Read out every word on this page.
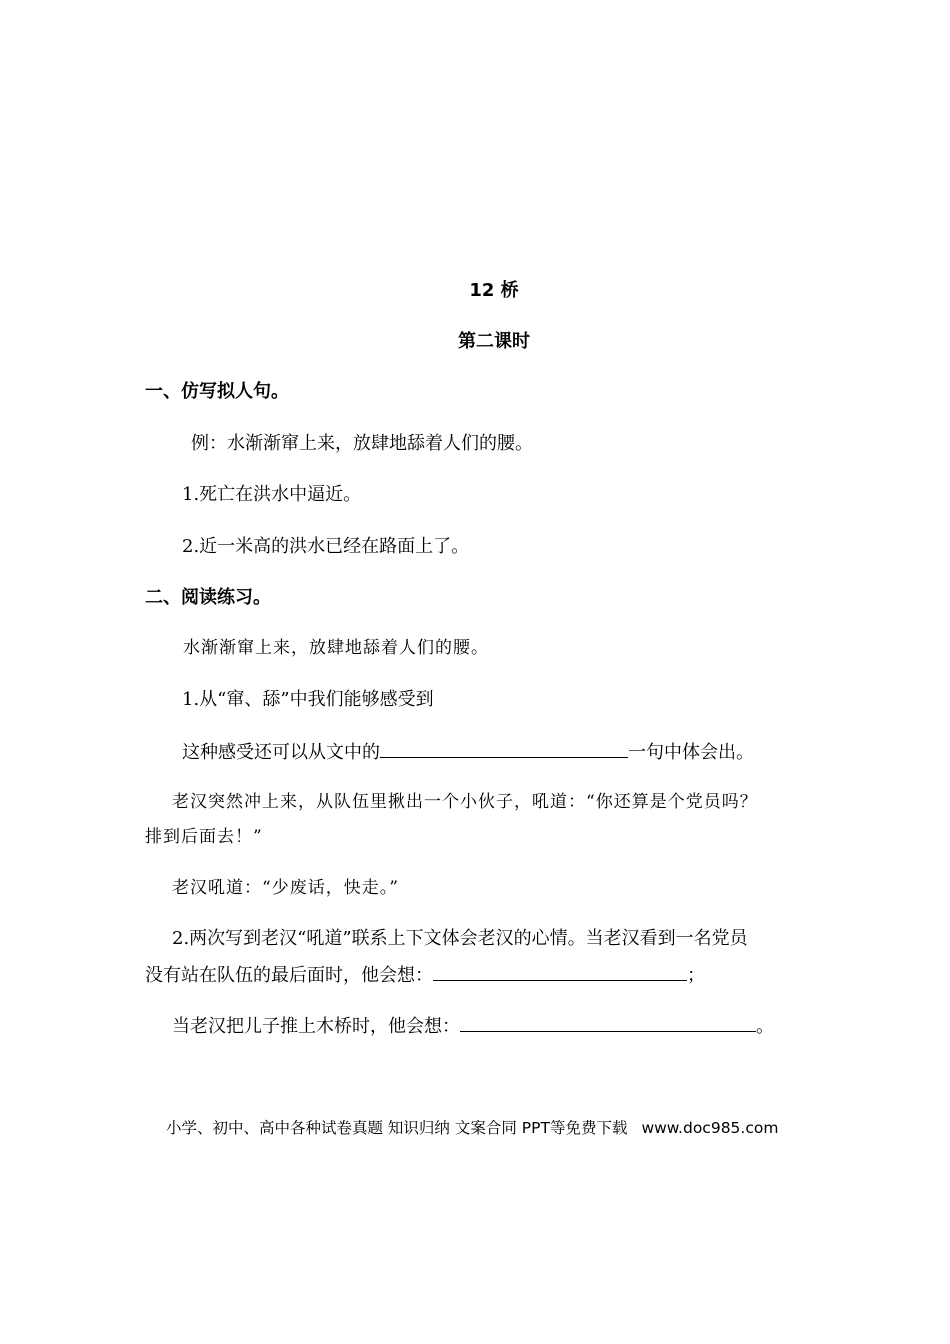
12 桥
第二课时
一、仿写拟人句。
例：水渐渐窜上来，放肆地舔着人们的腰。
1.死亡在洪水中逼近。
2.近一米高的洪水已经在路面上了。
二、阅读练习。
水渐渐窜上来，放肆地舔着人们的腰。
1.从“窜、舔”中我们能够感受到
这种感受还可以从文中的	一句中体会出。
老汉突然冲上来，从队伍里揪出一个小伙子，吼道：“你还算是个党员吗？
排到后面去！”
老汉吼道：“少废话，快走。”
2.两次写到老汉“吼道”联系上下文体会老汉的心情。当老汉看到一名党员
没有站在队伍的最后面时，他会想：	；
当老汉把儿子推上木桥时，他会想：	。
小学、初中、高中各种试卷真题 知识归纳 文案合同 PPT等免费下载 www.doc985.com
